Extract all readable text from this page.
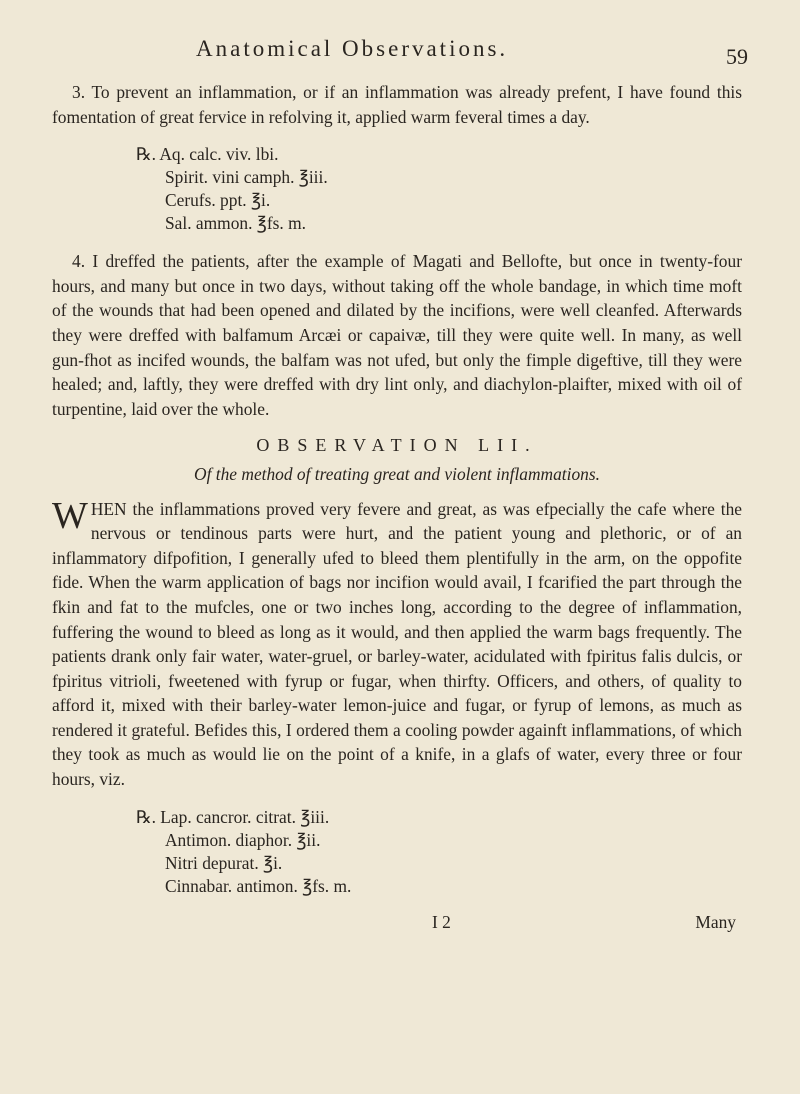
Anatomical Observations.	59

3. To prevent an inflammation, or if an inflammation was already prefent, I have found this fomentation of great fervice in refolving it, applied warm feveral times a day.

℞. Aq. calc. viv. lbi.
Spirit. vini camph. ℥iii.
Cerufs. ppt. ℥i.
Sal. ammon. ℥fs. m.

4. I dreffed the patients, after the example of Magati and Bellofte, but once in twenty-four hours, and many but once in two days, without taking off the whole bandage, in which time moft of the wounds that had been opened and dilated by the incifions, were well cleanfed. Afterwards they were dreffed with balfamum Arcæi or capaivæ, till they were quite well. In many, as well gun-fhot as incifed wounds, the balfam was not ufed, but only the fimple digeftive, till they were healed; and, laftly, they were dreffed with dry lint only, and diachylon-plaifter, mixed with oil of turpentine, laid over the whole.

OBSERVATION LII.
Of the method of treating great and violent inflammations.

WHEN the inflammations proved very fevere and great, as was efpecially the cafe where the nervous or tendinous parts were hurt, and the patient young and plethoric, or of an inflammatory difpofition, I generally ufed to bleed them plentifully in the arm, on the oppofite fide. When the warm application of bags nor incifion would avail, I fcarified the part through the fkin and fat to the mufcles, one or two inches long, according to the degree of inflammation, fuffering the wound to bleed as long as it would, and then applied the warm bags frequently. The patients drank only fair water, water-gruel, or barley-water, acidulated with fpiritus falis dulcis, or fpiritus vitrioli, fweetened with fyrup or fugar, when thirfty. Officers, and others, of quality to afford it, mixed with their barley-water lemon-juice and fugar, or fyrup of lemons, as much as rendered it grateful. Befides this, I ordered them a cooling powder againft inflammations, of which they took as much as would lie on the point of a knife, in a glafs of water, every three or four hours, viz.

℞. Lap. cancror. citrat. ℥iii.
Antimon. diaphor. ℥ii.
Nitri depurat. ℥i.
Cinnabar. antimon. ℥fs. m.
I 2	Many
